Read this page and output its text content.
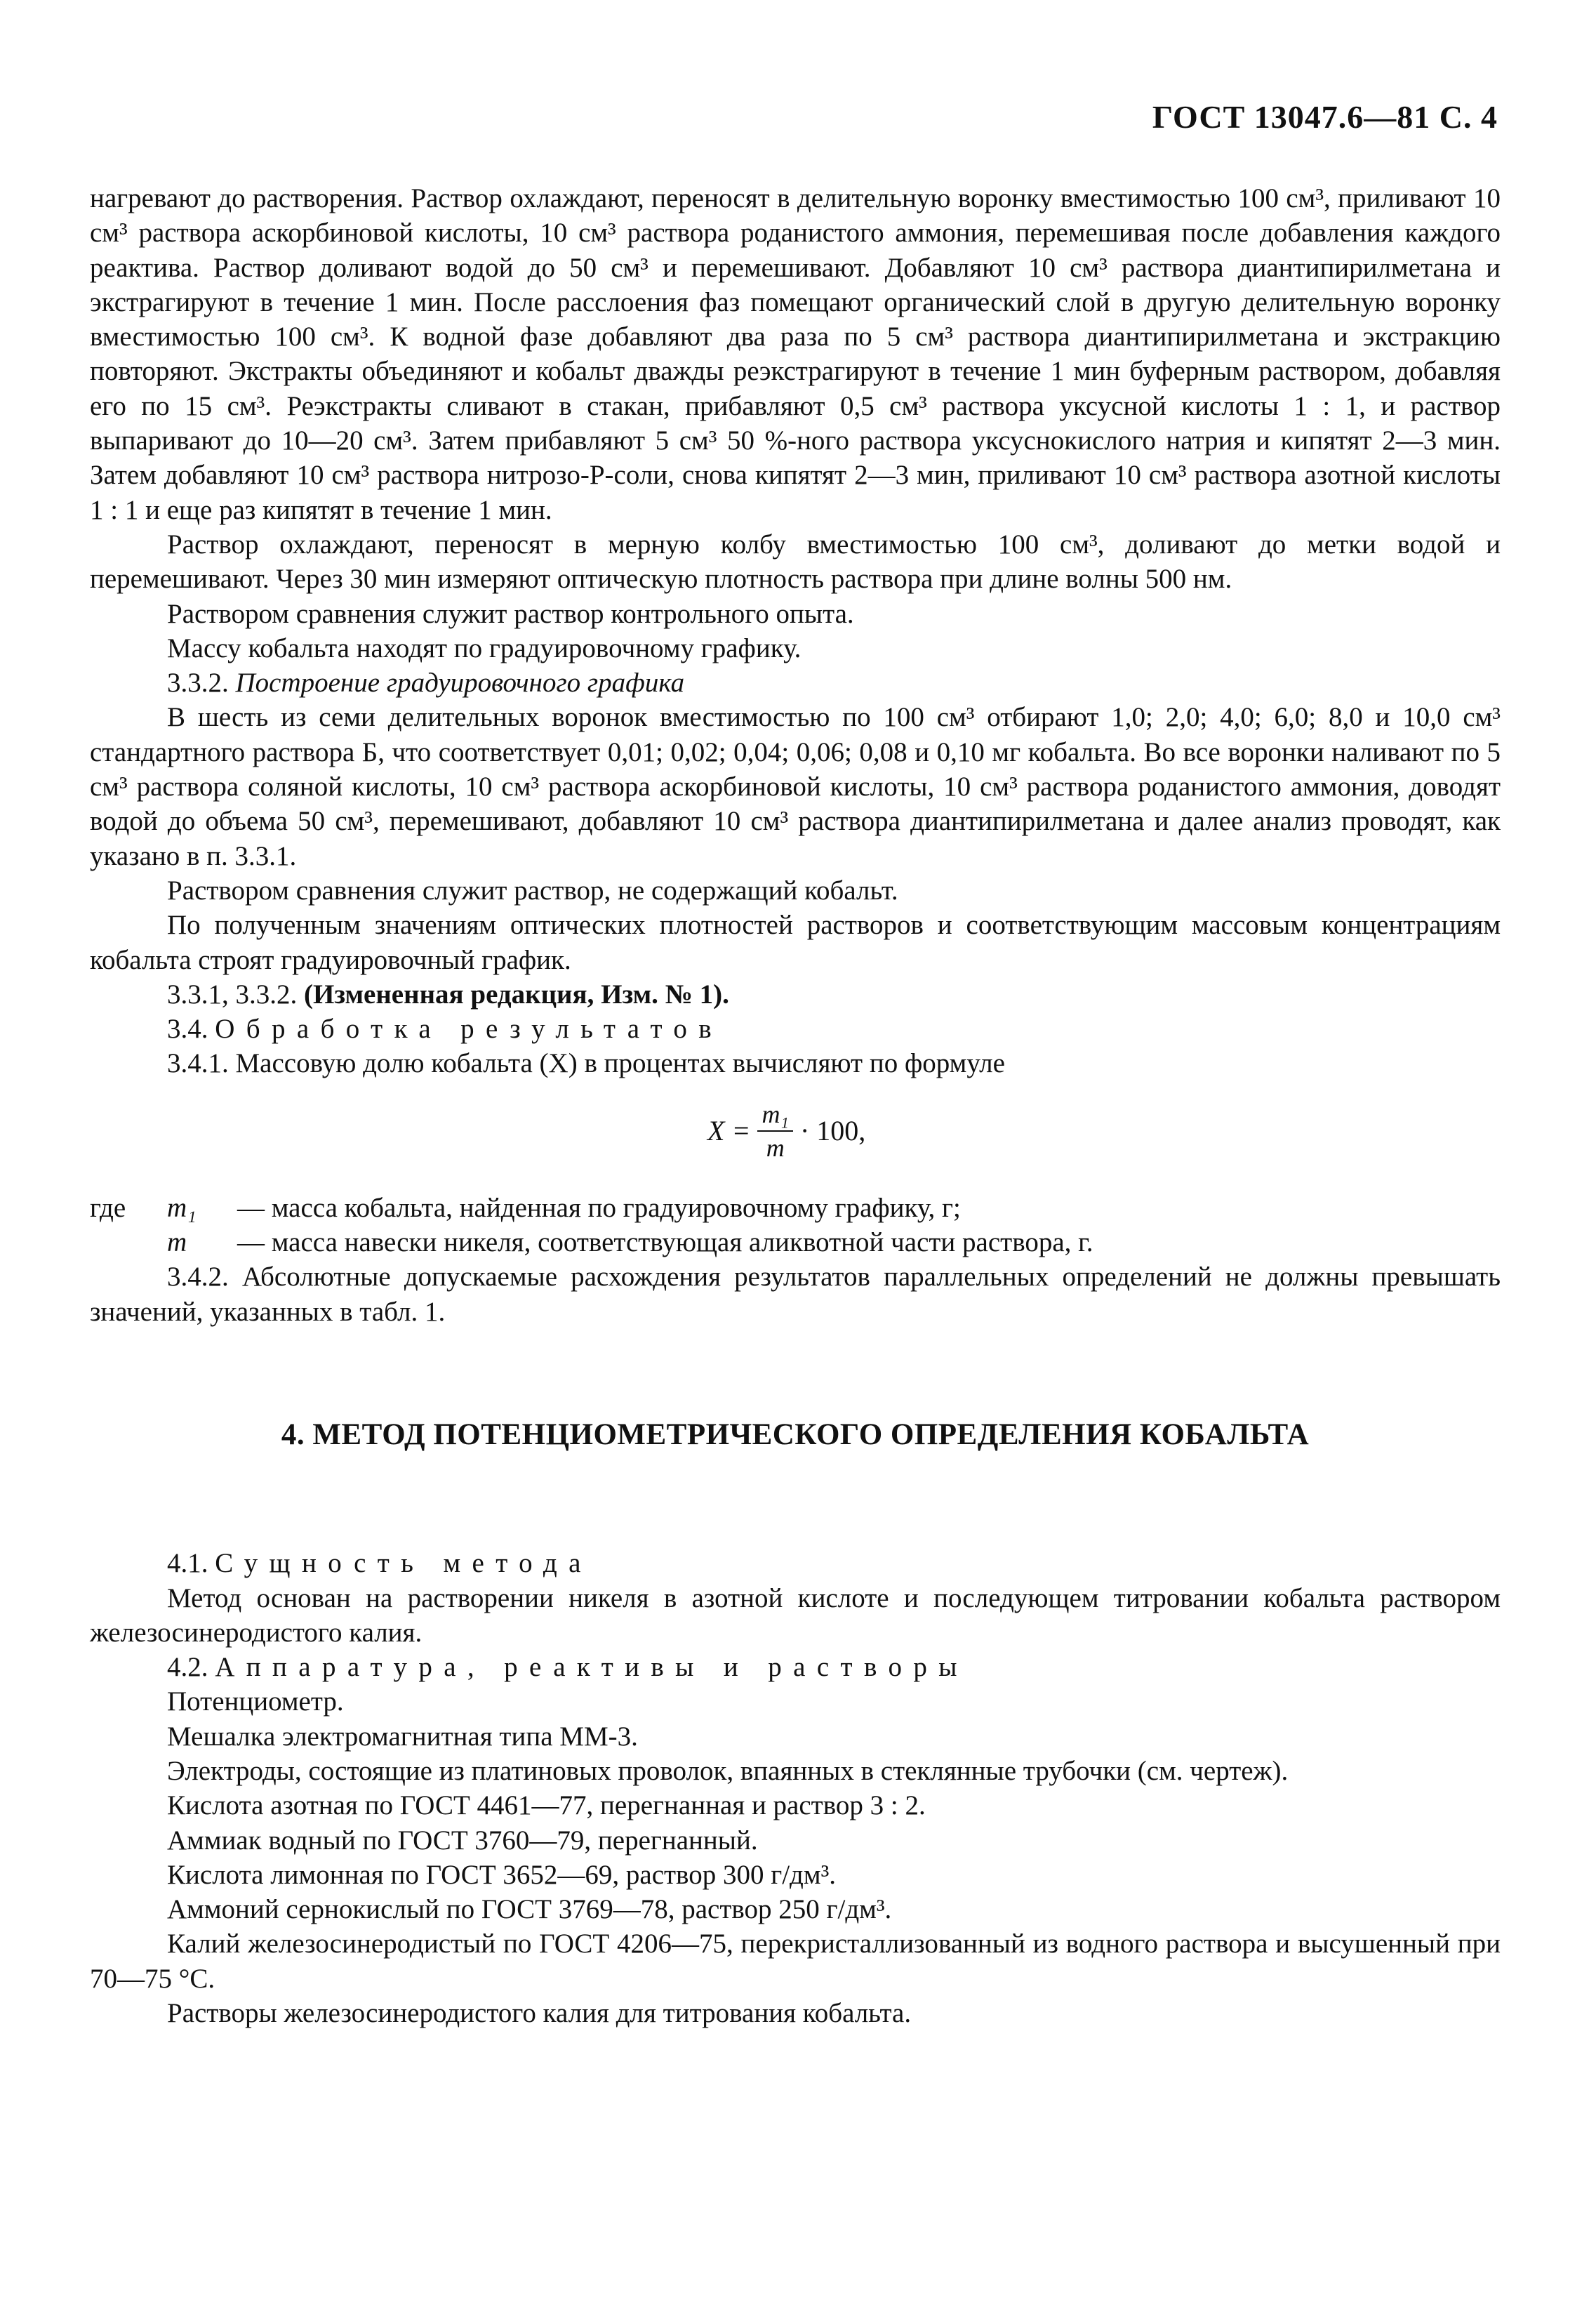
ГОСТ 13047.6—81 С. 4

нагревают до растворения. Раствор охлаждают, переносят в делительную воронку вместимостью 100 см³, приливают 10 см³ раствора аскорбиновой кислоты, 10 см³ раствора роданистого аммония, перемешивая после добавления каждого реактива. Раствор доливают водой до 50 см³ и перемешивают. Добавляют 10 см³ раствора диантипирилметана и экстрагируют в течение 1 мин. После расслоения фаз помещают органический слой в другую делительную воронку вместимостью 100 см³. К водной фазе добавляют два раза по 5 см³ раствора диантипирилметана и экстракцию повторяют. Экстракты объединяют и кобальт дважды реэкстрагируют в течение 1 мин буферным раствором, добавляя его по 15 см³. Реэкстракты сливают в стакан, прибавляют 0,5 см³ раствора уксусной кислоты 1 : 1, и раствор выпаривают до 10—20 см³. Затем прибавляют 5 см³ 50 %-ного раствора уксуснокислого натрия и кипятят 2—3 мин. Затем добавляют 10 см³ раствора нитрозо-Р-соли, снова кипятят 2—3 мин, приливают 10 см³ раствора азотной кислоты 1 : 1 и еще раз кипятят в течение 1 мин.

Раствор охлаждают, переносят в мерную колбу вместимостью 100 см³, доливают до метки водой и перемешивают. Через 30 мин измеряют оптическую плотность раствора при длине волны 500 нм.

Раствором сравнения служит раствор контрольного опыта.

Массу кобальта находят по градуировочному графику.

3.3.2. Построение градуировочного графика

В шесть из семи делительных воронок вместимостью по 100 см³ отбирают 1,0; 2,0; 4,0; 6,0; 8,0 и 10,0 см³ стандартного раствора Б, что соответствует 0,01; 0,02; 0,04; 0,06; 0,08 и 0,10 мг кобальта. Во все воронки наливают по 5 см³ раствора соляной кислоты, 10 см³ раствора аскорбиновой кислоты, 10 см³ раствора роданистого аммония, доводят водой до объема 50 см³, перемешивают, добавляют 10 см³ раствора диантипирилметана и далее анализ проводят, как указано в п. 3.3.1.

Раствором сравнения служит раствор, не содержащий кобальт.

По полученным значениям оптических плотностей растворов и соответствующим массовым концентрациям кобальта строят градуировочный график.

3.3.1, 3.3.2. (Измененная редакция, Изм. № 1).

3.4. Обработка результатов

3.4.1. Массовую долю кобальта (X) в процентах вычисляют по формуле

$X = \frac{\text{m₁}}{m} \cdot 100$,
где	m₁	— масса кобальта, найденная по градуировочному графику, г;
m	— масса навески никеля, соответствующая аликвотной части раствора, г.

3.4.2. Абсолютные допускаемые расхождения результатов параллельных определений не должны превышать значений, указанных в табл. 1.

4. МЕТОД ПОТЕНЦИОМЕТРИЧЕСКОГО ОПРЕДЕЛЕНИЯ КОБАЛЬТА

4.1. Сущность метода

Метод основан на растворении никеля в азотной кислоте и последующем титровании кобальта раствором железосинеродистого калия.

4.2. Аппаратура, реактивы и растворы

Потенциометр.

Мешалка электромагнитная типа ММ-3.

Электроды, состоящие из платиновых проволок, впаянных в стеклянные трубочки (см. чертеж).

Кислота азотная по ГОСТ 4461—77, перегнанная и раствор 3 : 2.

Аммиак водный по ГОСТ 3760—79, перегнанный.

Кислота лимонная по ГОСТ 3652—69, раствор 300 г/дм³.

Аммоний сернокислый по ГОСТ 3769—78, раствор 250 г/дм³.

Калий железосинеродистый по ГОСТ 4206—75, перекристаллизованный из водного раствора и высушенный при 70—75 °С.

Растворы железосинеродистого калия для титрования кобальта.
